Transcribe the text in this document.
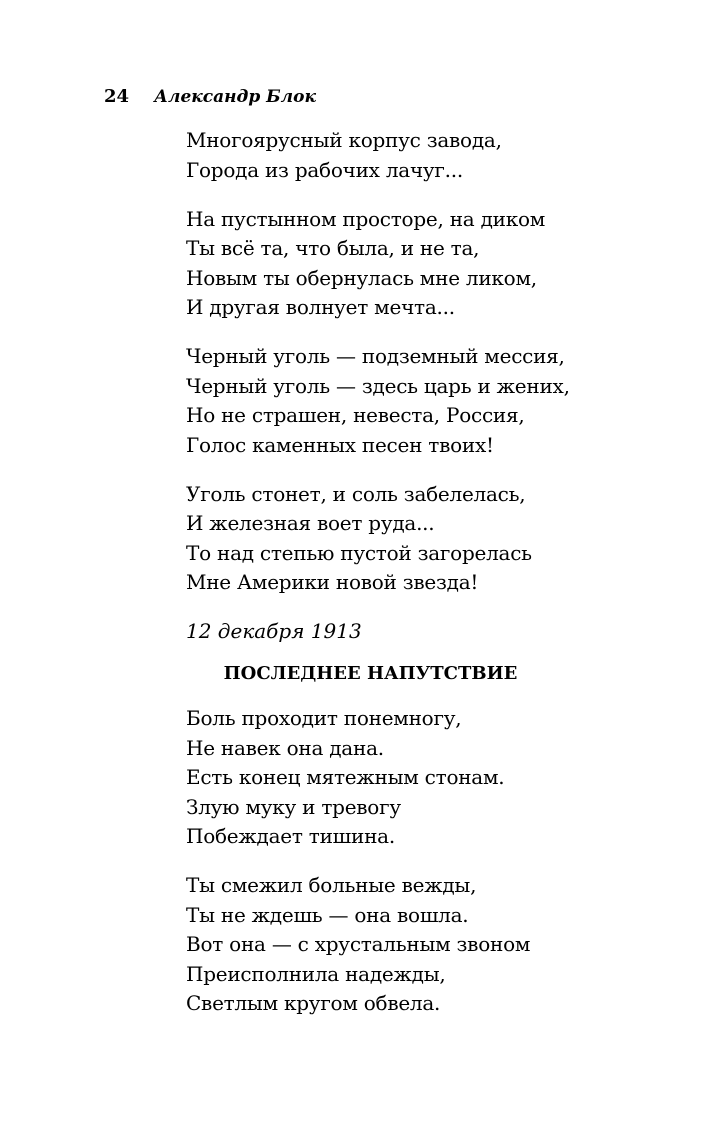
24 Александр Блок
Многоярусный корпус завода,
Города из рабочих лачуг...
На пустынном просторе, на диком
Ты всё та, что была, и не та,
Новым ты обернулась мне ликом,
И другая волнует мечта...
Черный уголь — подземный мессия,
Черный уголь — здесь царь и жених,
Но не страшен, невеста, Россия,
Голос каменных песен твоих!
Уголь стонет, и соль забелелась,
И железная воет руда...
То над степью пустой загорелась
Мне Америки новой звезда!
12 декабря 1913
ПОСЛЕДНЕЕ НАПУТСТВИЕ
Боль проходит понемногу,
Не навек она дана.
Есть конец мятежным стонам.
Злую муку и тревогу
Побеждает тишина.
Ты смежил больные вежды,
Ты не ждешь — она вошла.
Вот она — с хрустальным звоном
Преисполнила надежды,
Светлым кругом обвела.
